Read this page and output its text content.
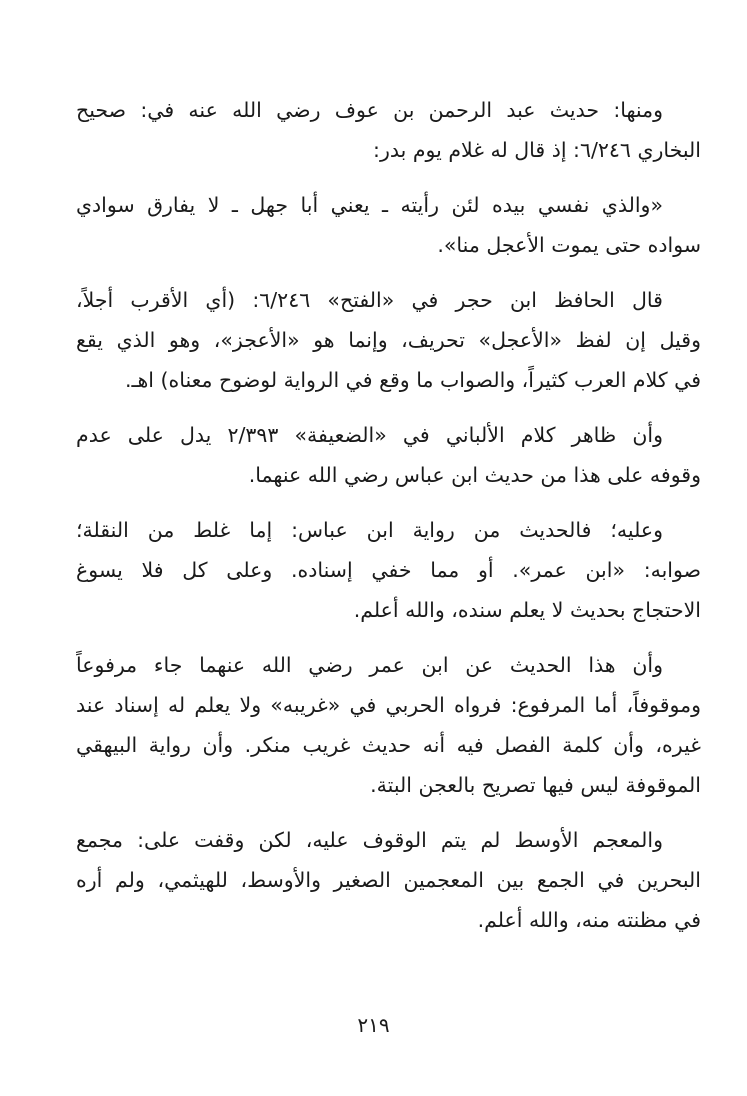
ومنها: حديث عبد الرحمن بن عوف رضي الله عنه في: صحيح
البخاري ٦/٢٤٦: إذ قال له غلام يوم بدر:
«والذي نفسي بيده لئن رأيته ـ يعني أبا جهل ـ لا يفارق سوادي
سواده حتى يموت الأعجل منا».
قال الحافظ ابن حجر في «الفتح» ٦/٢٤٦: (أي الأقرب أجلاً،
وقيل إن لفظ «الأعجل» تحريف، وإنما هو «الأعجز»، وهو الذي يقع
في كلام العرب كثيراً، والصواب ما وقع في الرواية لوضوح معناه) اهـ.
وأن ظاهر كلام الألباني في «الضعيفة» ٢/٣٩٣ يدل على عدم
وقوفه على هذا من حديث ابن عباس رضي الله عنهما.
وعليه؛ فالحديث من رواية ابن عباس: إما غلط من النقلة؛
صوابه: «ابن عمر». أو مما خفي إسناده. وعلى كل فلا يسوغ
الاحتجاج بحديث لا يعلم سنده، والله أعلم.
وأن هذا الحديث عن ابن عمر رضي الله عنهما جاء مرفوعاً
وموقوفاً، أما المرفوع: فرواه الحربي في «غريبه» ولا يعلم له إسناد عند
غيره، وأن كلمة الفصل فيه أنه حديث غريب منكر. وأن رواية البيهقي
الموقوفة ليس فيها تصريح بالعجن البتة.
والمعجم الأوسط لم يتم الوقوف عليه، لكن وقفت على: مجمع
البحرين في الجمع بين المعجمين الصغير والأوسط، للهيثمي، ولم أره
في مظنته منه، والله أعلم.
٢١٩
